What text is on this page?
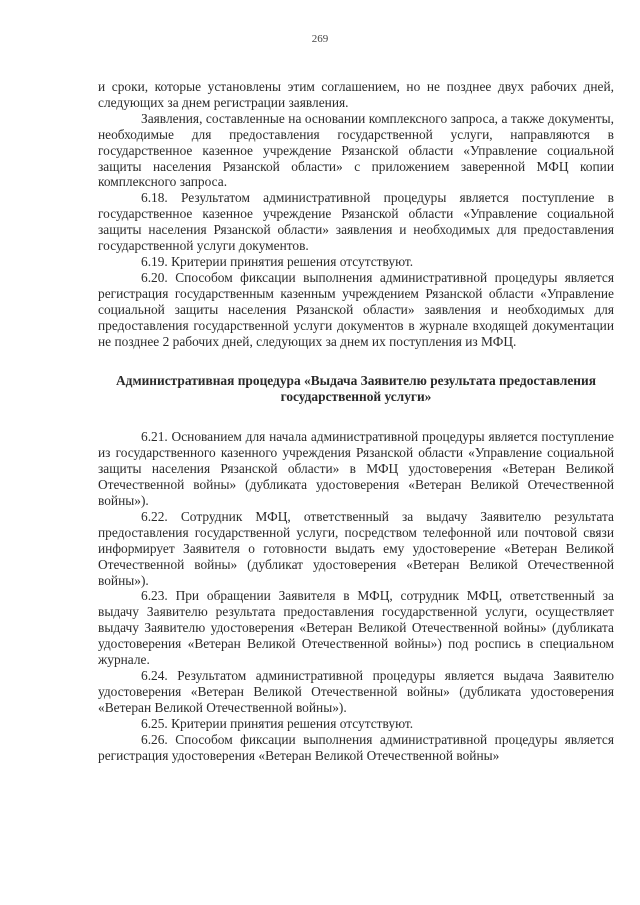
269

и сроки, которые установлены этим соглашением, но не позднее двух рабочих дней, следующих за днем регистрации заявления.

Заявления, составленные на основании комплексного запроса, а также документы, необходимые для предоставления государственной услуги, направляются в государственное казенное учреждение Рязанской области «Управление социальной защиты населения Рязанской области» с приложением заверенной МФЦ копии комплексного запроса.

6.18. Результатом административной процедуры является поступление в государственное казенное учреждение Рязанской области «Управление социальной защиты населения Рязанской области» заявления и необходимых для предоставления государственной услуги документов.

6.19. Критерии принятия решения отсутствуют.

6.20. Способом фиксации выполнения административной процедуры является регистрация государственным казенным учреждением Рязанской области «Управление социальной защиты населения Рязанской области» заявления и необходимых для предоставления государственной услуги документов в журнале входящей документации не позднее 2 рабочих дней, следующих за днем их поступления из МФЦ.

Административная процедура «Выдача Заявителю результата предоставления государственной услуги»

6.21. Основанием для начала административной процедуры является поступление из государственного казенного учреждения Рязанской области «Управление социальной защиты населения Рязанской области» в МФЦ удостоверения «Ветеран Великой Отечественной войны» (дубликата удостоверения «Ветеран Великой Отечественной войны»).

6.22. Сотрудник МФЦ, ответственный за выдачу Заявителю результата предоставления государственной услуги, посредством телефонной или почтовой связи информирует Заявителя о готовности выдать ему удостоверение «Ветеран Великой Отечественной войны» (дубликат удостоверения «Ветеран Великой Отечественной войны»).

6.23. При обращении Заявителя в МФЦ, сотрудник МФЦ, ответственный за выдачу Заявителю результата предоставления государственной услуги, осуществляет выдачу Заявителю удостоверения «Ветеран Великой Отечественной войны» (дубликата удостоверения «Ветеран Великой Отечественной войны») под роспись в специальном журнале.

6.24. Результатом административной процедуры является выдача Заявителю удостоверения «Ветеран Великой Отечественной войны» (дубликата удостоверения «Ветеран Великой Отечественной войны»).

6.25. Критерии принятия решения отсутствуют.

6.26. Способом фиксации выполнения административной процедуры является регистрация удостоверения «Ветеран Великой Отечественной войны»
